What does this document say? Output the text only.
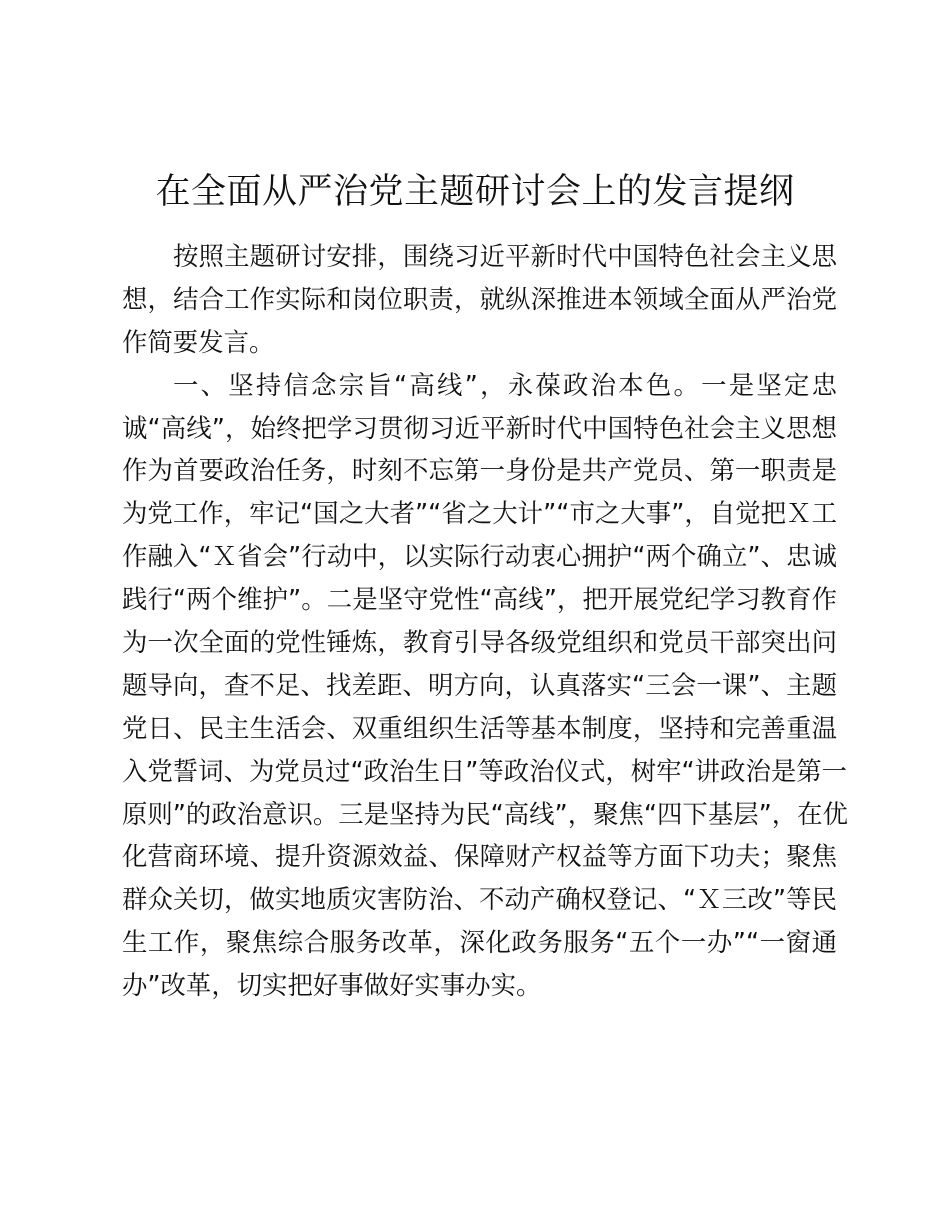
在全面从严治党主题研讨会上的发言提纲
按照主题研讨安排，围绕习近平新时代中国特色社会主义思
想，结合工作实际和岗位职责，就纵深推进本领域全面从严治党
作简要发言。
一、坚持信念宗旨“高线”，永葆政治本色。一是坚定忠
诚“高线”，始终把学习贯彻习近平新时代中国特色社会主义思想
作为首要政治任务，时刻不忘第一身份是共产党员、第一职责是
为党工作，牢记“国之大者”“省之大计”“市之大事”，自觉把Ｘ工
作融入“Ｘ省会”行动中，以实际行动衷心拥护“两个确立”、忠诚
践行“两个维护”。二是坚守党性“高线”，把开展党纪学习教育作
为一次全面的党性锤炼，教育引导各级党组织和党员干部突出问
题导向，查不足、找差距、明方向，认真落实“三会一课”、主题
党日、民主生活会、双重组织生活等基本制度，坚持和完善重温
入党誓词、为党员过“政治生日”等政治仪式，树牢“讲政治是第一
原则”的政治意识。三是坚持为民“高线”，聚焦“四下基层”，在优
化营商环境、提升资源效益、保障财产权益等方面下功夫；聚焦
群众关切，做实地质灾害防治、不动产确权登记、“Ｘ三改”等民
生工作，聚焦综合服务改革，深化政务服务“五个一办”“一窗通
办”改革，切实把好事做好实事办实。
